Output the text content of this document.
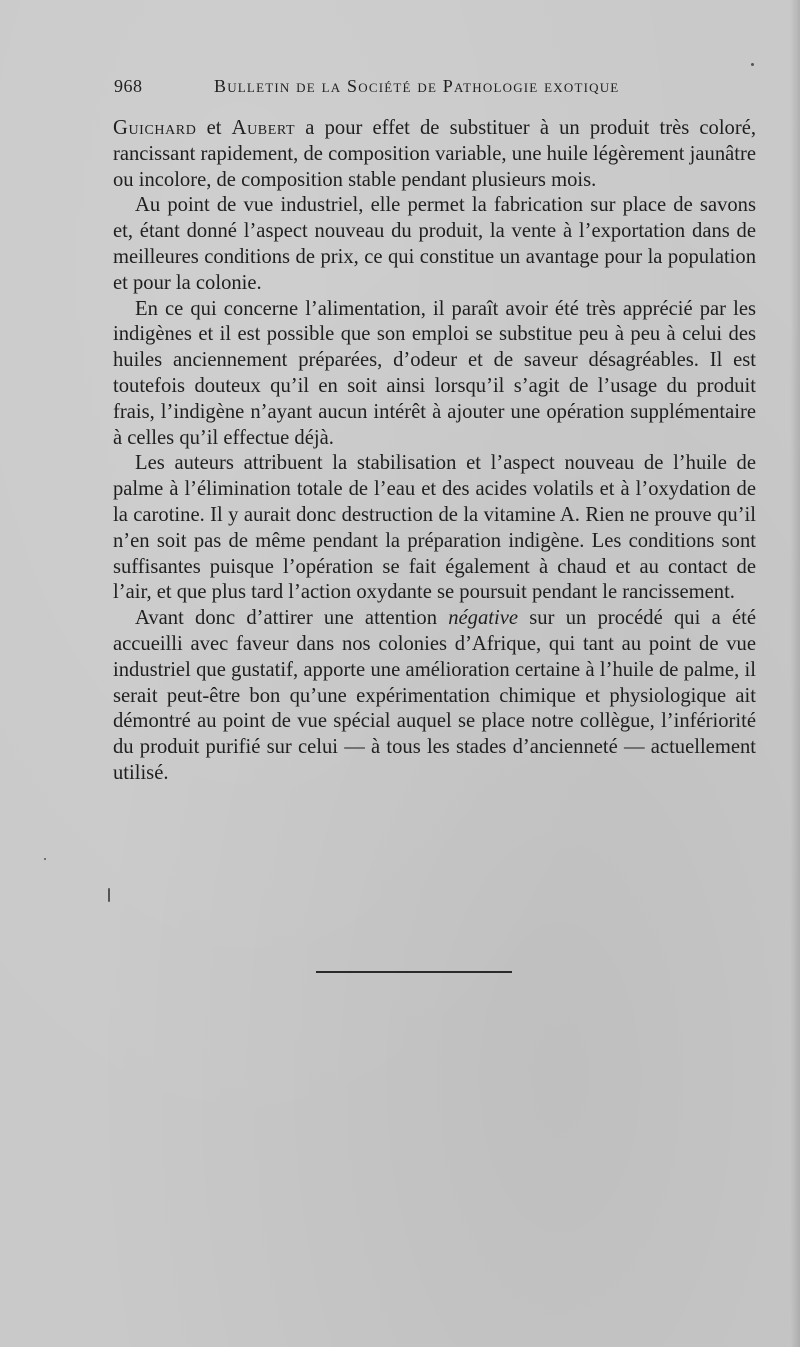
968	Bulletin de la Société de Pathologie exotique

Guichard et Aubert a pour effet de substituer à un produit très coloré, rancissant rapidement, de composition variable, une huile légèrement jaunâtre ou incolore, de composition stable pendant plusieurs mois.

Au point de vue industriel, elle permet la fabrication sur place de savons et, étant donné l’aspect nouveau du produit, la vente à l’exportation dans de meilleures conditions de prix, ce qui constitue un avantage pour la population et pour la colonie.

En ce qui concerne l’alimentation, il paraît avoir été très apprécié par les indigènes et il est possible que son emploi se substitue peu à peu à celui des huiles anciennement préparées, d’odeur et de saveur désagréables. Il est toutefois douteux qu’il en soit ainsi lorsqu’il s’agit de l’usage du produit frais, l’indigène n’ayant aucun intérêt à ajouter une opération supplémentaire à celles qu’il effectue déjà.

Les auteurs attribuent la stabilisation et l’aspect nouveau de l’huile de palme à l’élimination totale de l’eau et des acides volatils et à l’oxydation de la carotine. Il y aurait donc destruction de la vitamine A. Rien ne prouve qu’il n’en soit pas de même pendant la préparation indigène. Les conditions sont suffisantes puisque l’opération se fait également à chaud et au contact de l’air, et que plus tard l’action oxydante se poursuit pendant le rancissement.

Avant donc d’attirer une attention négative sur un procédé qui a été accueilli avec faveur dans nos colonies d’Afrique, qui tant au point de vue industriel que gustatif, apporte une amélioration certaine à l’huile de palme, il serait peut-être bon qu’une expérimentation chimique et physiologique ait démontré au point de vue spécial auquel se place notre collègue, l’infériorité du produit purifié sur celui — à tous les stades d’ancienneté — actuellement utilisé.
